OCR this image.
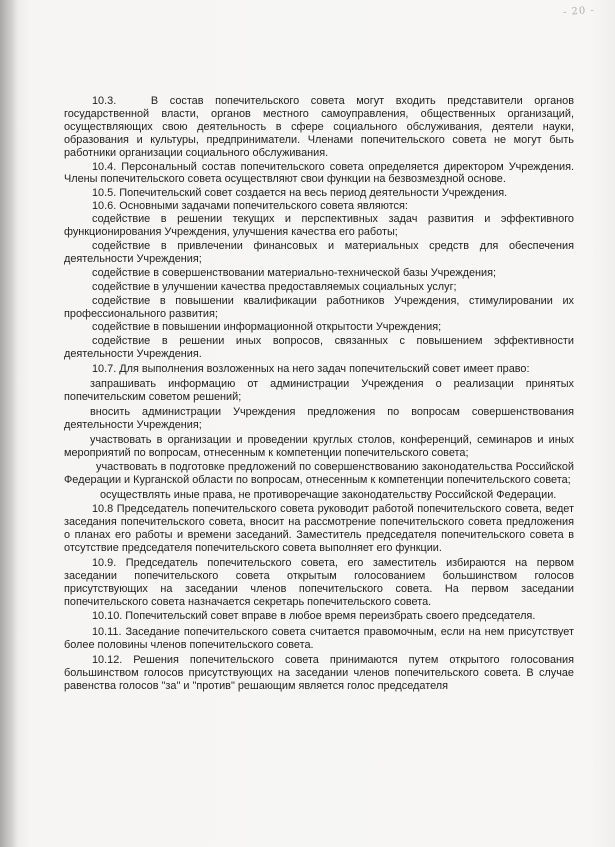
- 20 -

10.3.   В состав попечительского совета могут входить представители органов государственной власти, органов местного самоуправления, общественных организаций, осуществляющих свою деятельность в сфере социального обслуживания, деятели науки, образования и культуры, предприниматели. Членами попечительского совета не могут быть работники организации социального обслуживания.

10.4. Персональный состав попечительского совета определяется директором Учреждения. Члены попечительского совета осуществляют свои функции на безвозмездной основе.

10.5. Попечительский совет создается на весь период деятельности Учреждения.

10.6. Основными задачами попечительского совета являются:

содействие в решении текущих и перспективных задач развития и эффективного функционирования Учреждения, улучшения качества его работы;

содействие в привлечении финансовых и материальных средств для обеспечения деятельности Учреждения;

содействие в совершенствовании материально-технической базы Учреждения;

содействие в улучшении качества предоставляемых социальных услуг;

содействие в повышении квалификации работников Учреждения, стимулировании их профессионального развития;

содействие в повышении информационной открытости Учреждения;

содействие в решении иных вопросов, связанных с повышением эффективности деятельности Учреждения.

10.7. Для выполнения возложенных на него задач попечительский совет имеет право:

запрашивать информацию от администрации Учреждения о реализации принятых попечительским советом решений;

вносить администрации Учреждения предложения по вопросам совершенствования деятельности Учреждения;

участвовать в организации и проведении круглых столов, конференций, семинаров и иных мероприятий по вопросам, отнесенным к компетенции попечительского совета;

участвовать в подготовке предложений по совершенствованию законодательства Российской Федерации и Курганской области по вопросам, отнесенным к компетенции попечительского совета;

осуществлять иные права, не противоречащие законодательству Российской Федерации.

10.8 Председатель попечительского совета руководит работой попечительского совета, ведет заседания попечительского совета, вносит на рассмотрение попечительского совета предложения о планах его работы и времени заседаний. Заместитель председателя попечительского совета в отсутствие председателя попечительского совета выполняет его функции.

10.9. Председатель попечительского совета, его заместитель избираются на первом заседании попечительского совета открытым голосованием большинством голосов присутствующих на заседании членов попечительского совета. На первом заседании попечительского совета назначается секретарь попечительского совета.

10.10. Попечительский совет вправе в любое время переизбрать своего председателя.

10.11. Заседание попечительского совета считается правомочным, если на нем присутствует более половины членов попечительского совета.

10.12. Решения попечительского совета принимаются путем открытого голосования большинством голосов присутствующих на заседании членов попечительского совета. В случае равенства голосов "за" и "против" решающим является голос председателя
